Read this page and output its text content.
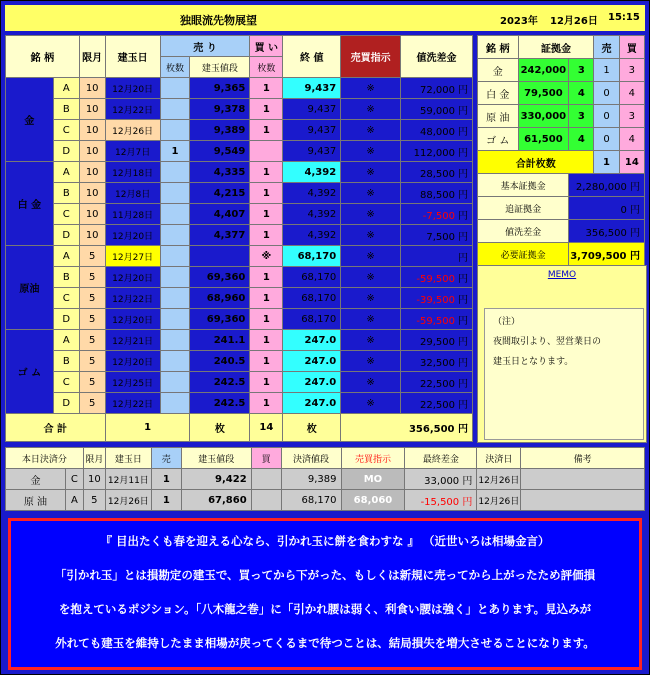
独眼流先物展望	2023年 12月26日 15:15
銘 柄		限月	建玉日	売 り		買 い	終 値	売買指示	値洗差金
				枚数	建玉値段	枚数			
金	A	10	12月20日		9,365	1	9,437	※	72,000 円
	B	10	12月22日		9,378	1	9,437	※	59,000 円
	C	10	12月26日		9,389	1	9,437	※	48,000 円
	D	10	12月7日	1	9,549		9,437	※	112,000 円
白 金	A	10	12月18日		4,335	1	4,392	※	28,500 円
	B	10	12月8日		4,215	1	4,392	※	88,500 円
	C	10	11月28日		4,407	1	4,392	※	-7,500 円
	D	10	12月20日		4,377	1	4,392	※	7,500 円
原油	A	5	12月27日			※	68,170	※	円
	B	5	12月20日		69,360	1	68,170	※	-59,500 円
	C	5	12月22日		68,960	1	68,170	※	-39,500 円
	D	5	12月20日		69,360	1	68,170	※	-59,500 円
ゴ ム	A	5	12月21日		241.1	1	247.0	※	29,500 円
	B	5	12月20日		240.5	1	247.0	※	32,500 円
	C	5	12月25日		242.5	1	247.0	※	22,500 円
	D	5	12月22日		242.5	1	247.0	※	22,500 円
合 計			1		枚	14	枚	356,500 円	
銘 柄	証拠金		売	買
金	242,000	3	1	3
白 金	79,500	4	0	4
原 油	330,000	3	0	3
ゴ ム	61,500	4	0	4
合計枚数			1	14
基本証拠金		2,280,000 円		
追証拠金		0 円		
値洗差金		356,500 円		
必要証拠金		3,709,500 円		
MEMO

（注）

夜間取引より、翌営業日の

建玉日となります。

本日決済分		限月	建玉日	売	建玉値段	買	決済値段	売買指示	最終差金	決済日	備考
金	C	10	12月11日	1	9,422		9,389	MO	33,000 円	12月26日	
原 油	A	5	12月26日	1	67,860		68,170	68,060	-15,500 円	12月26日	

『 目出たくも春を迎える心なら、引かれ玉に餅を食わすな 』 （近世いろは相場金言）

「引かれ玉」とは損勘定の建玉で、買ってから下がった、もしくは新規に売ってから上がったため評価損

を抱えているポジション。「八木龍之巻」に「引かれ腰は弱く、利食い腰は強く」とあります。見込みが

外れても建玉を維持したまま相場が戻ってくるまで待つことは、結局損失を増大させることになります。
